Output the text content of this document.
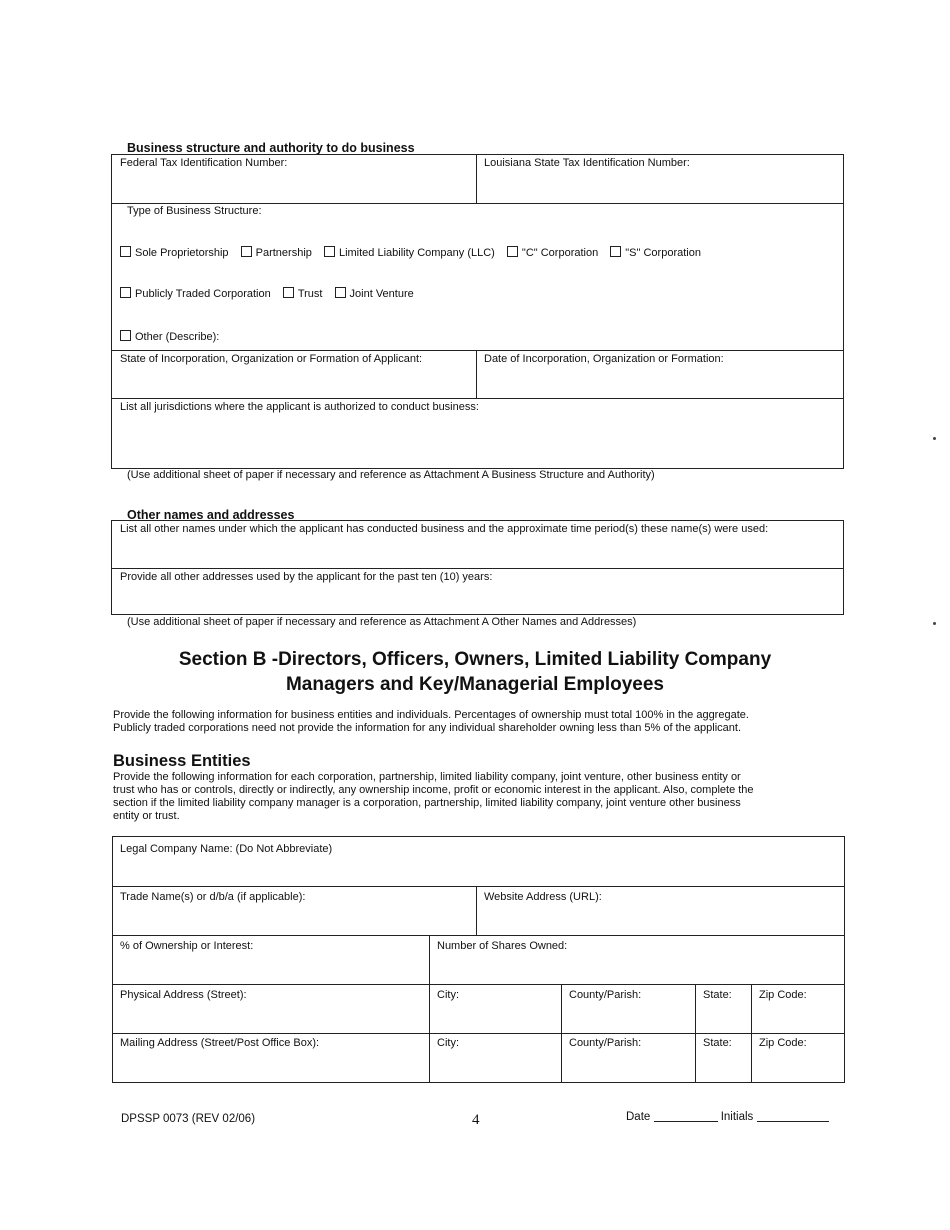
Business structure and authority to do business
Federal Tax Identification Number:	Louisiana State Tax Identification Number:
Type of Business Structure:
Sole Proprietorship Partnership Limited Liability Company (LLC) "C" Corporation "S" Corporation
Publicly Traded Corporation Trust Joint Venture
Other (Describe):
State of Incorporation, Organization or Formation of Applicant:	Date of Incorporation, Organization or Formation:
List all jurisdictions where the applicant is authorized to conduct business:
(Use additional sheet of paper if necessary and reference as Attachment A Business Structure and Authority)
Other names and addresses
List all other names under which the applicant has conducted business and the approximate time period(s) these name(s) were used:
Provide all other addresses used by the applicant for the past ten (10) years:
(Use additional sheet of paper if necessary and reference as Attachment A Other Names and Addresses)
Section B -Directors, Officers, Owners, Limited Liability Company
Managers and Key/Managerial Employees
Provide the following information for business entities and individuals. Percentages of ownership must total 100% in the aggregate.
Publicly traded corporations need not provide the information for any individual shareholder owning less than 5% of the applicant.
Business Entities
Provide the following information for each corporation, partnership, limited liability company, joint venture, other business entity or
trust who has or controls, directly or indirectly, any ownership income, profit or economic interest in the applicant. Also, complete the
section if the limited liability company manager is a corporation, partnership, limited liability company, joint venture other business
entity or trust.
Legal Company Name: (Do Not Abbreviate)
Trade Name(s) or d/b/a (if applicable):	Website Address (URL):
% of Ownership or Interest:	Number of Shares Owned:
Physical Address (Street):	City:	County/Parish:	State: Zip Code:
Mailing Address (Street/Post Office Box):	City:	County/Parish:	State: Zip Code:
DPSSP 0073 (REV 02/06)	4	Date	Initials
